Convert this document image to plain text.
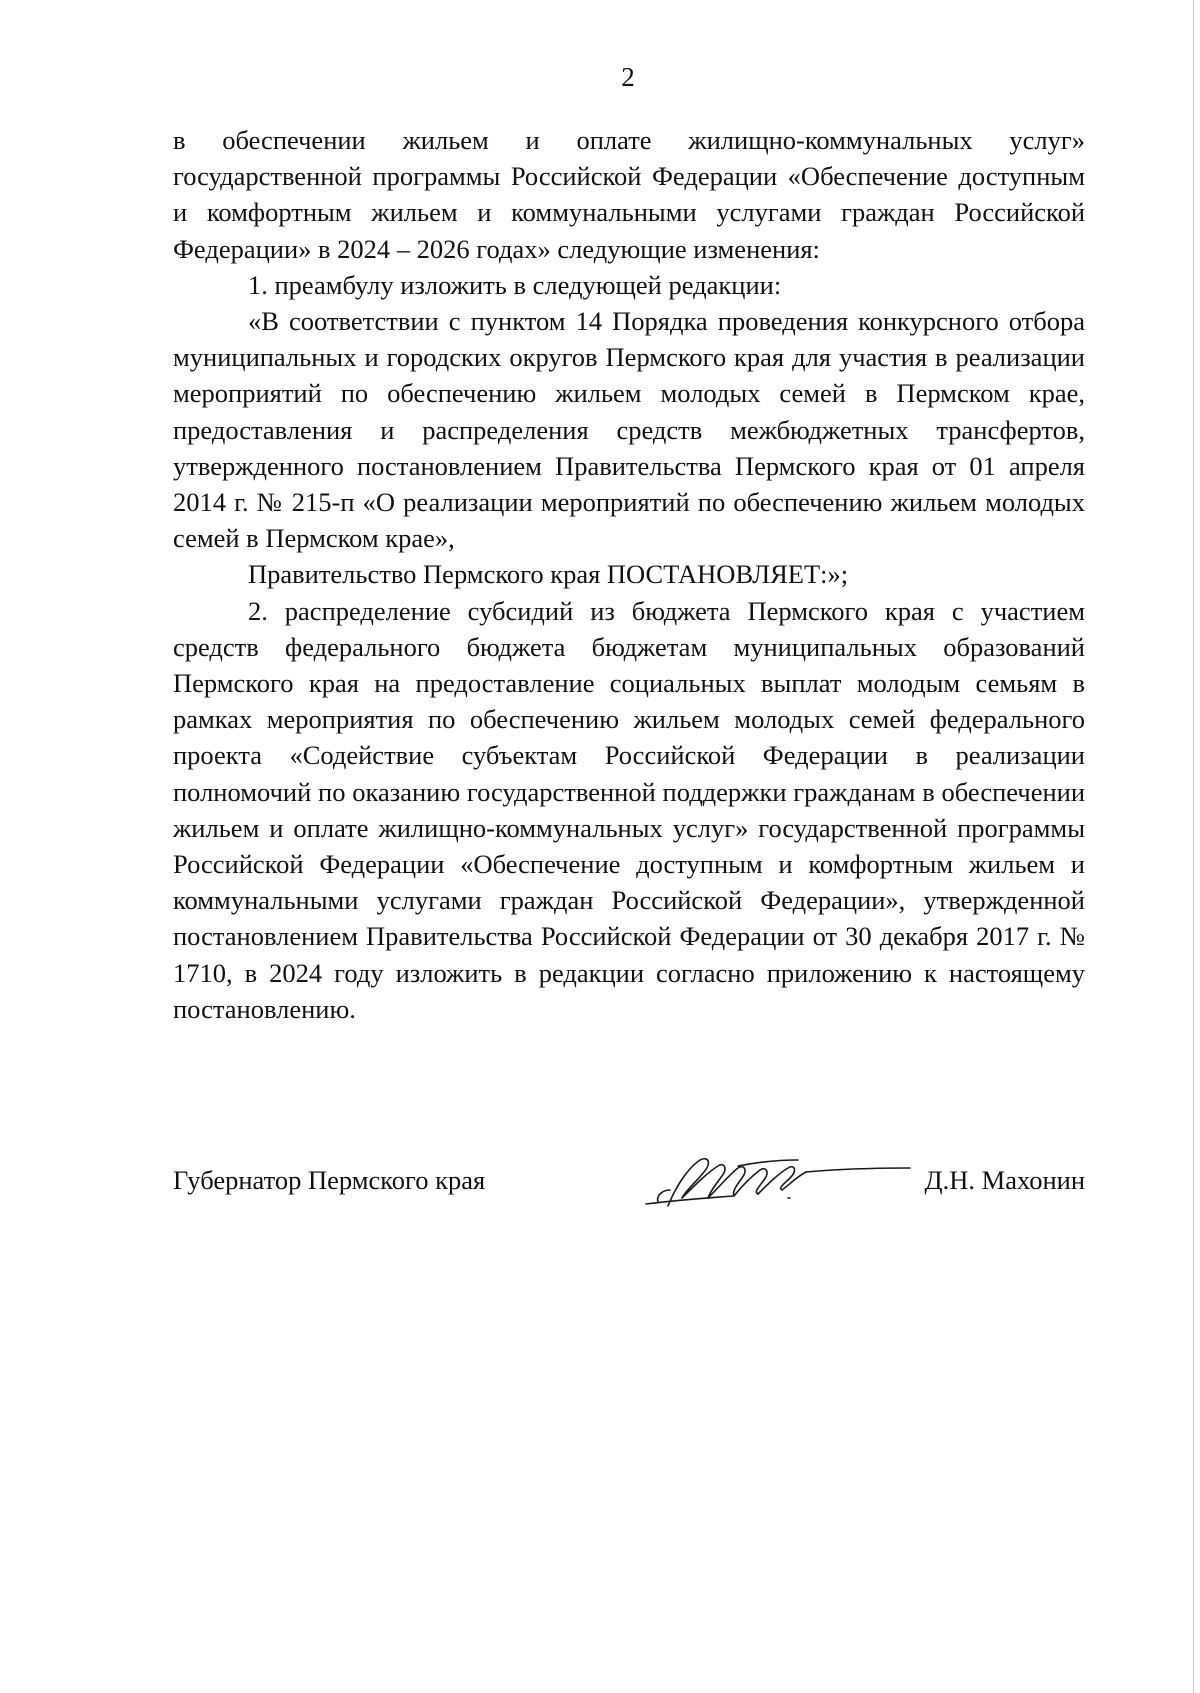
2

в обеспечении жильем и оплате жилищно-коммунальных услуг» государственной программы Российской Федерации «Обеспечение доступным и комфортным жильем и коммунальными услугами граждан Российской Федерации» в 2024 – 2026 годах» следующие изменения:

1. преамбулу изложить в следующей редакции:

«В соответствии с пунктом 14 Порядка проведения конкурсного отбора муниципальных и городских округов Пермского края для участия в реализации мероприятий по обеспечению жильем молодых семей в Пермском крае, предоставления и распределения средств межбюджетных трансфертов, утвержденного постановлением Правительства Пермского края от 01 апреля 2014 г. № 215-п «О реализации мероприятий по обеспечению жильем молодых семей в Пермском крае»,

Правительство Пермского края ПОСТАНОВЛЯЕТ:»;

2. распределение субсидий из бюджета Пермского края с участием средств федерального бюджета бюджетам муниципальных образований Пермского края на предоставление социальных выплат молодым семьям в рамках мероприятия по обеспечению жильем молодых семей федерального проекта «Содействие субъектам Российской Федерации в реализации полномочий по оказанию государственной поддержки гражданам в обеспечении жильем и оплате жилищно-коммунальных услуг» государственной программы Российской Федерации «Обеспечение доступным и комфортным жильем и коммунальными услугами граждан Российской Федерации», утвержденной постановлением Правительства Российской Федерации от 30 декабря 2017 г. № 1710, в 2024 году изложить в редакции согласно приложению к настоящему постановлению.

Губернатор Пермского края	Д.Н. Махонин
